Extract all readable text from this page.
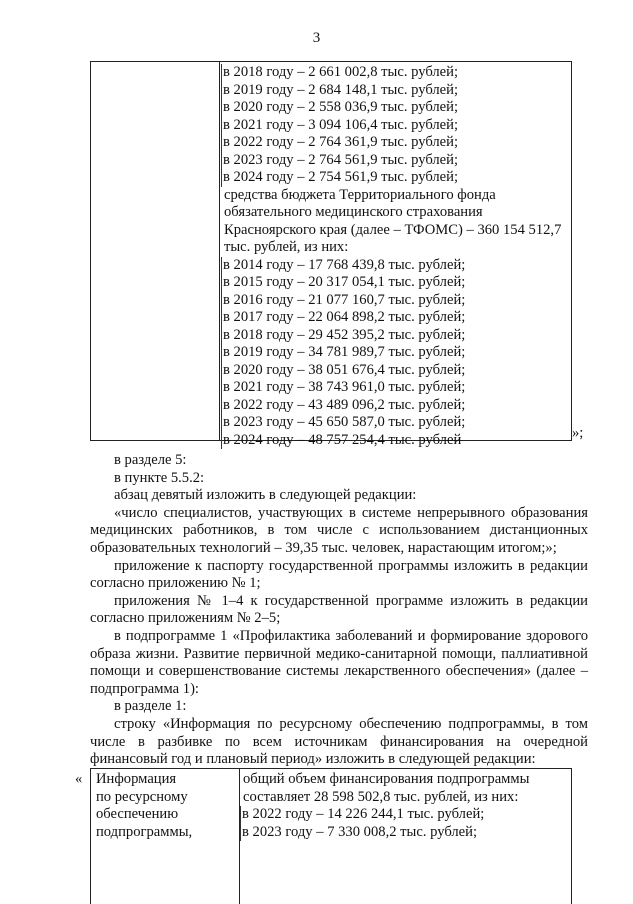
3
в 2018 году – 2 661 002,8 тыс. рублей;
в 2019 году – 2 684 148,1 тыс. рублей;
в 2020 году – 2 558 036,9 тыс. рублей;
в 2021 году – 3 094 106,4 тыс. рублей;
в 2022 году – 2 764 361,9 тыс. рублей;
в 2023 году – 2 764 561,9 тыс. рублей;
в 2024 году – 2 754 561,9 тыс. рублей;
средства бюджета Территориального фонда
обязательного медицинского страхования
Красноярского края (далее – ТФОМС) – 360 154 512,7
тыс. рублей, из них:
в 2014 году – 17 768 439,8 тыс. рублей;
в 2015 году – 20 317 054,1 тыс. рублей;
в 2016 году – 21 077 160,7 тыс. рублей;
в 2017 году – 22 064 898,2 тыс. рублей;
в 2018 году – 29 452 395,2 тыс. рублей;
в 2019 году – 34 781 989,7 тыс. рублей;
в 2020 году – 38 051 676,4 тыс. рублей;
в 2021 году – 38 743 961,0 тыс. рублей;
в 2022 году – 43 489 096,2 тыс. рублей;
в 2023 году – 45 650 587,0 тыс. рублей;
в 2024 году – 48 757 254,4 тыс. рублей	»;
в разделе 5:
в пункте 5.5.2:
абзац девятый изложить в следующей редакции:
«число специалистов, участвующих в системе непрерывного образования медицинских работников, в том числе с использованием дистанционных образовательных технологий – 39,35 тыс. человек, нарастающим итогом;»;
приложение к паспорту государственной программы изложить в редакции согласно приложению № 1;
приложения № 1–4 к государственной программе изложить в редакции согласно приложениям № 2–5;
в подпрограмме 1 «Профилактика заболеваний и формирование здорового образа жизни. Развитие первичной медико-санитарной помощи, паллиативной помощи и совершенствование системы лекарственного обеспечения» (далее – подпрограмма 1):
в разделе 1:
строку «Информация по ресурсному обеспечению подпрограммы, в том числе в разбивке по всем источникам финансирования на очередной финансовый год и плановый период» изложить в следующей редакции:
« Информация
по ресурсному
обеспечению
подпрограммы,
общий объем финансирования подпрограммы
составляет 28 598 502,8 тыс. рублей, из них:
в 2022 году – 14 226 244,1 тыс. рублей;
в 2023 году – 7 330 008,2 тыс. рублей;
